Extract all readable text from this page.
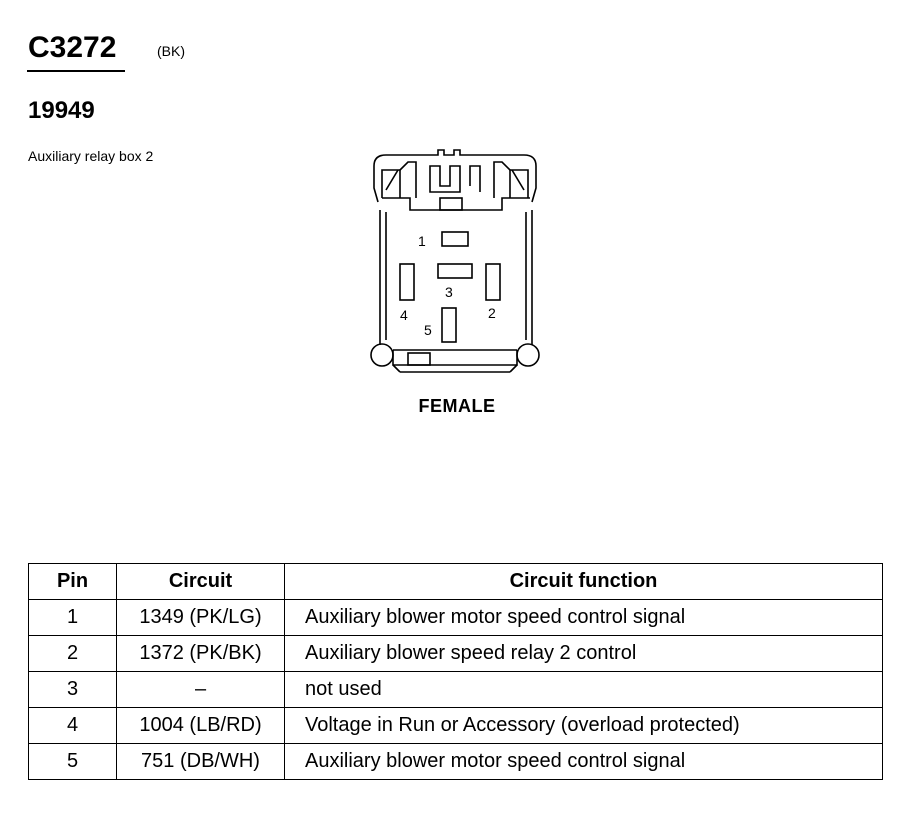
C3272	(BK)
19949
Auxiliary relay box 2
1
2
3
4
5
FEMALE
Pin	Circuit	Circuit function
1	1349 (PK/LG)	Auxiliary blower motor speed control signal
2	1372 (PK/BK)	Auxiliary blower speed relay 2 control
3	–	not used
4	1004 (LB/RD)	Voltage in Run or Accessory (overload protected)
5	751 (DB/WH)	Auxiliary blower motor speed control signal
